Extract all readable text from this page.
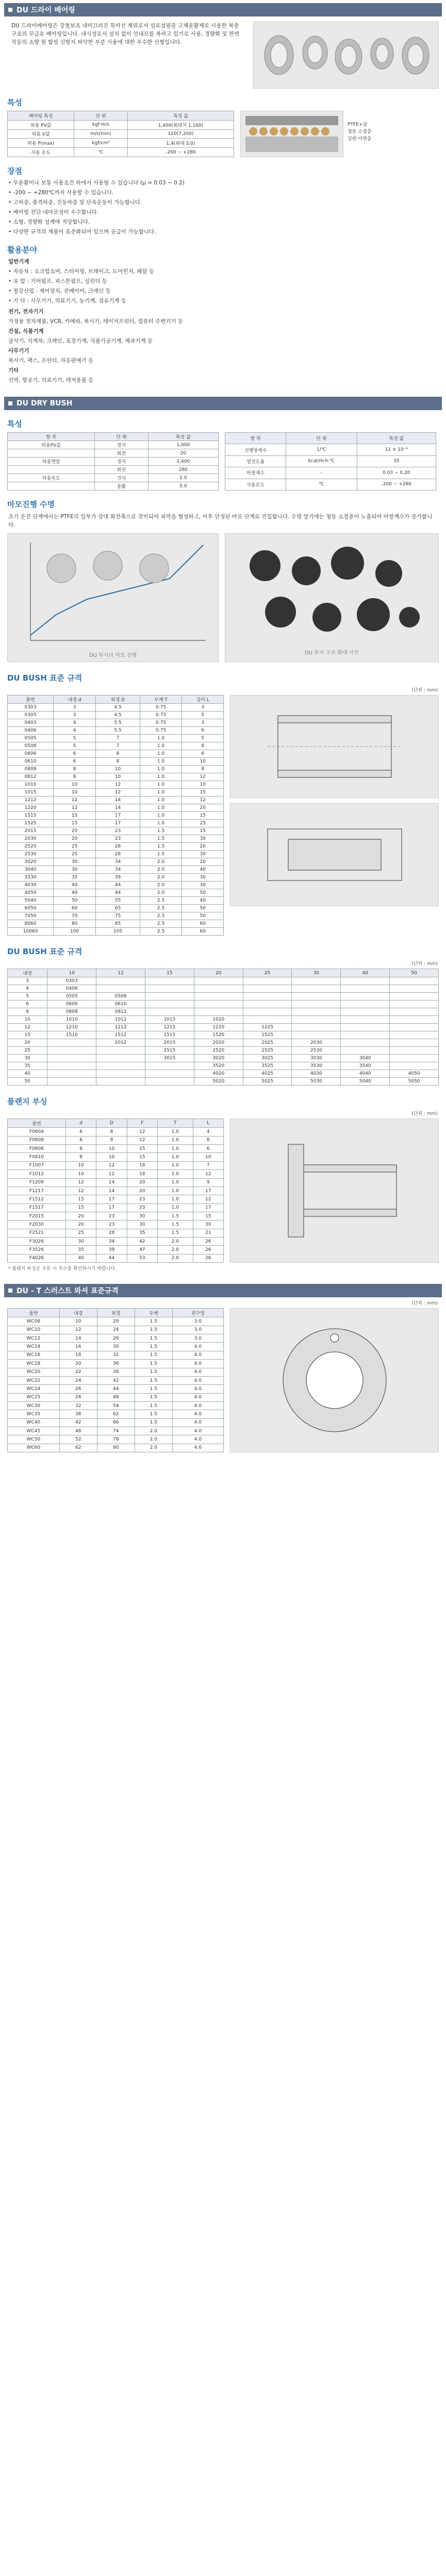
DU 드라이 베어링

DU 드라이베어링은 강철보조 내미끄러진 특이선 재위로서 심로섬필을 고체윤활제로 사용한 복층구조의 무급유 베어링입니다. 내식성로서 설치 없이 안내모를 복하고 있기로 사용, 경량화 및 한번 작동의 소량 원 합성 신방지 파악한 부분 사용에 대한 우수한 선형입니다.

특성
베어링 특성	단 위	특성 값
허용 PV값	kgf·m/s	1,400(최대치 1,160)
허용 V값	m/s(min)	120(7,200)
허용 P(max)	kgf/cm²	1,4(최대 3.0)
사용 온도	℃	-200 ~ +280
PTFE+납
청동 소결층
강판 이면층
장점
• 무윤활이나 보통 사용조건 하에서 사용될 수 있습니다 (μ = 0.03 ~ 0.2)
• -200 ~ +280℃까지 사용할 수 있습니다.
• 고하중, 충격하중, 진동하중 및 단속운동이 가능합니다.
• 베어링 전단 내마모성이 우수합니다.
• 소형, 경량화 설계에 적당합니다.
• 다양한 규격의 제품이 표준화되어 있으며 공급이 가능합니다.
활용분야
일반기계
• 자동차 : 쇼크업소버, 스티어링, 브레이크, 도어힌지, 페달 등
• 유 압 : 기어펌프, 피스톤펌프, 실린더 등
• 철강산업 : 제어장치, 컨베이어, 크레인 등
• 기 타 : 사무기기, 의료기기, 농기계, 섬유기계 등
전기, 전자기기
가정용 전자제품, VCR, 카메라, 복사기, 레이저프린터, 컴퓨터 주변기기 등
건설, 식품기계
굴삭기, 지게차, 크레인, 포장기계, 식품가공기계, 제과기계 등
사무기기
복사기, 팩스, 프린터, 자동판매기 등
기타
선박, 항공기, 의료기기, 레저용품 등
DU DRY BUSH
특성
항 목	단 위	특성 값
허용PV값	정지	1,000
	회전	20
허용면압	정지	1,400
	회전	280
허용속도	건식	2.0
	윤활	5.0
항 목	단 위	특성 값
선팽창계수	1/℃	11 × 10⁻⁶
열전도율	kcal/m·h·℃	35
마찰계수	-	0.03 ~ 0.20
사용온도	℃	-200 ~ +280
마모진행 수명

초기 운전 단계에서는 PTFE의 일부가 상대 회전축으로 전이되어 피막을 형성하고, 이후 안정된 마모 단계로 진입합니다. 수명 말기에는 청동 소결층이 노출되어 마찰계수가 증가합니다.

DU 부시의 마모 진행	DU 부시 구조 확대 사진
DU BUSH 표준 규격
(단위 : mm)
품번	내경 d	외경 D	두께 T	길이 L
0303	3	4.5	0.75	3
0305	3	4.5	0.75	5
0403	4	5.5	0.75	3
0406	4	5.5	0.75	6
0505	5	7	1.0	5
0508	5	7	1.0	8
0606	6	8	1.0	6
0610	6	8	1.0	10
0808	8	10	1.0	8
0812	8	10	1.0	12
1010	10	12	1.0	10
1015	10	12	1.0	15
1212	12	14	1.0	12
1220	12	14	1.0	20
1515	15	17	1.0	15
1525	15	17	1.0	25
2015	20	23	1.5	15
2030	20	23	1.5	30
2520	25	28	1.5	20
2530	25	28	1.5	30
3020	30	34	2.0	20
3040	30	34	2.0	40
3530	35	39	2.0	30
4030	40	44	2.0	30
4050	40	44	2.0	50
5040	50	55	2.5	40
6050	60	65	2.5	50
7050	70	75	2.5	50
8060	80	85	2.5	60
10060	100	105	2.5	60
DU BUSH 표준 규격
(단위 : mm)
내경	10	12	15	20	25	30	40	50
3	0303							
4	0406							
5	0505	0508						
6	0606	0610						
8	0808	0812						
10	1010	1012	1015	1020				
12	1210	1212	1215	1220	1225			
15	1510	1512	1515	1520	1525			
20		2012	2015	2020	2025	2030		
25			2515	2520	2525	2530		
30			3015	3020	3025	3030	3040	
35				3520	3525	3530	3540	
40				4020	4025	4030	4040	4050
50				5020	5025	5030	5040	5050
플랜지 부싱
(단위 : mm)
품번	d	D	F	T	L
F0604	6	8	12	1.0	4
F0608	6	8	12	1.0	8
F0806	8	10	15	1.0	6
F0810	8	10	15	1.0	10
F1007	10	12	18	1.0	7
F1012	10	12	18	1.0	12
F1209	12	14	20	1.0	9
F1217	12	14	20	1.0	17
F1512	15	17	23	1.0	12
F1517	15	17	23	1.0	17
F2015	20	23	30	1.5	15
F2030	20	23	30	1.5	30
F2521	25	28	35	1.5	21
F3026	30	34	42	2.0	26
F3526	35	39	47	2.0	26
F4026	40	44	53	2.0	26
* 플랜지 부싱은 주문 시 치수를 확인하시기 바랍니다.
DU - T 스러스트 와셔 표준규격
(단위 : mm)
품번	내경	외경	두께	핀구멍
WC08	10	20	1.5	3.0
WC10	12	24	1.5	3.0
WC12	14	26	1.5	3.0
WC14	16	30	1.5	4.0
WC16	18	32	1.5	4.0
WC18	20	36	1.5	4.0
WC20	22	38	1.5	4.0
WC22	24	42	1.5	4.0
WC24	26	44	1.5	4.0
WC25	28	48	1.5	4.0
WC30	32	54	1.5	4.0
WC35	38	62	1.5	4.0
WC40	42	66	1.5	4.0
WC45	48	74	2.0	4.0
WC50	52	78	2.0	4.0
WC60	62	90	2.0	4.0
